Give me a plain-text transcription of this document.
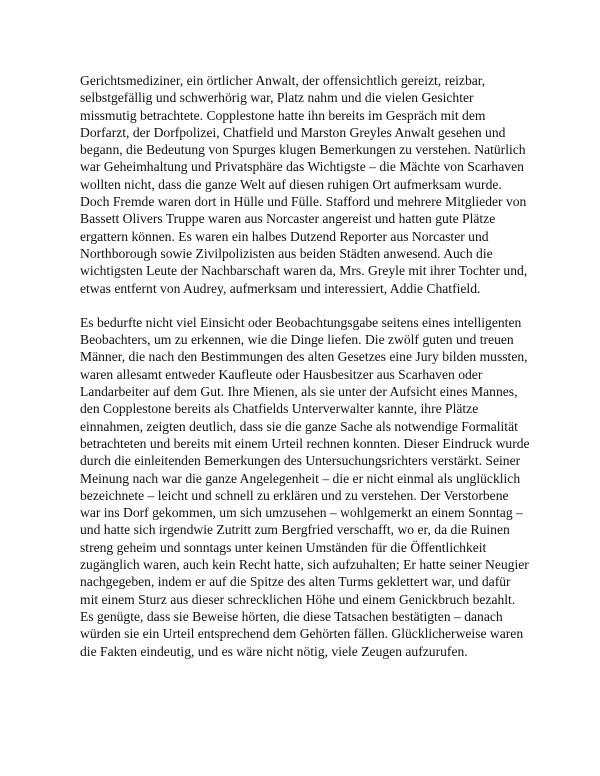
Gerichtsmediziner, ein örtlicher Anwalt, der offensichtlich gereizt, reizbar, selbstgefällig und schwerhörig war, Platz nahm und die vielen Gesichter missmutig betrachtete. Copplestone hatte ihn bereits im Gespräch mit dem Dorfarzt, der Dorfpolizei, Chatfield und Marston Greyles Anwalt gesehen und begann, die Bedeutung von Spurges klugen Bemerkungen zu verstehen. Natürlich war Geheimhaltung und Privatsphäre das Wichtigste – die Mächte von Scarhaven wollten nicht, dass die ganze Welt auf diesen ruhigen Ort aufmerksam wurde. Doch Fremde waren dort in Hülle und Fülle. Stafford und mehrere Mitglieder von Bassett Olivers Truppe waren aus Norcaster angereist und hatten gute Plätze ergattern können. Es waren ein halbes Dutzend Reporter aus Norcaster und Northborough sowie Zivilpolizisten aus beiden Städten anwesend. Auch die wichtigsten Leute der Nachbarschaft waren da, Mrs. Greyle mit ihrer Tochter und, etwas entfernt von Audrey, aufmerksam und interessiert, Addie Chatfield.

Es bedurfte nicht viel Einsicht oder Beobachtungsgabe seitens eines intelligenten Beobachters, um zu erkennen, wie die Dinge liefen. Die zwölf guten und treuen Männer, die nach den Bestimmungen des alten Gesetzes eine Jury bilden mussten, waren allesamt entweder Kaufleute oder Hausbesitzer aus Scarhaven oder Landarbeiter auf dem Gut. Ihre Mienen, als sie unter der Aufsicht eines Mannes, den Copplestone bereits als Chatfields Unterverwalter kannte, ihre Plätze einnahmen, zeigten deutlich, dass sie die ganze Sache als notwendige Formalität betrachteten und bereits mit einem Urteil rechnen konnten. Dieser Eindruck wurde durch die einleitenden Bemerkungen des Untersuchungsrichters verstärkt. Seiner Meinung nach war die ganze Angelegenheit – die er nicht einmal als unglücklich bezeichnete – leicht und schnell zu erklären und zu verstehen. Der Verstorbene war ins Dorf gekommen, um sich umzusehen – wohlgemerkt an einem Sonntag – und hatte sich irgendwie Zutritt zum Bergfried verschafft, wo er, da die Ruinen streng geheim und sonntags unter keinen Umständen für die Öffentlichkeit zugänglich waren, auch kein Recht hatte, sich aufzuhalten; Er hatte seiner Neugier nachgegeben, indem er auf die Spitze des alten Turms geklettert war, und dafür mit einem Sturz aus dieser schrecklichen Höhe und einem Genickbruch bezahlt. Es genügte, dass sie Beweise hörten, die diese Tatsachen bestätigten – danach würden sie ein Urteil entsprechend dem Gehörten fällen. Glücklicherweise waren die Fakten eindeutig, und es wäre nicht nötig, viele Zeugen aufzurufen.
